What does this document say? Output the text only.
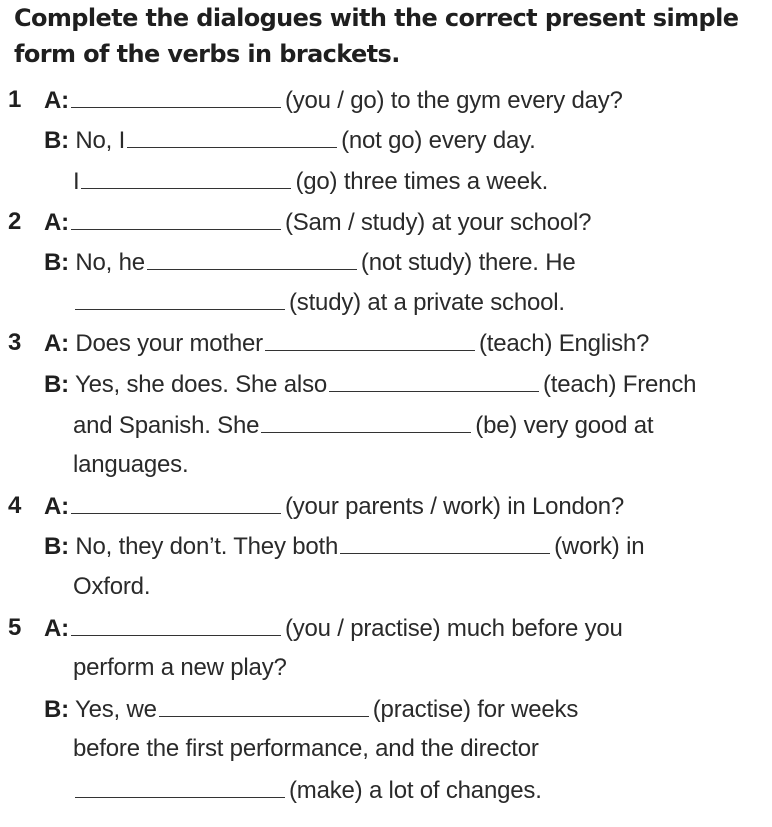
Complete the dialogues with the correct present simple
form of the verbs in brackets.
1 A:	(you / go) to the gym every day?
B: No, I	(not go) every day.
I	(go) three times a week.
2 A:	(Sam / study) at your school?
B: No, he	(not study) there. He
(study) at a private school.
3 A: Does your mother	(teach) English?
B: Yes, she does. She also	(teach) French
and Spanish. She	(be) very good at
languages.
4 A:	(your parents / work) in London?
B: No, they don’t. They both	(work) in
Oxford.
5 A:	(you / practise) much before you
perform a new play?
B: Yes, we	(practise) for weeks
before the first performance, and the director
(make) a lot of changes.
